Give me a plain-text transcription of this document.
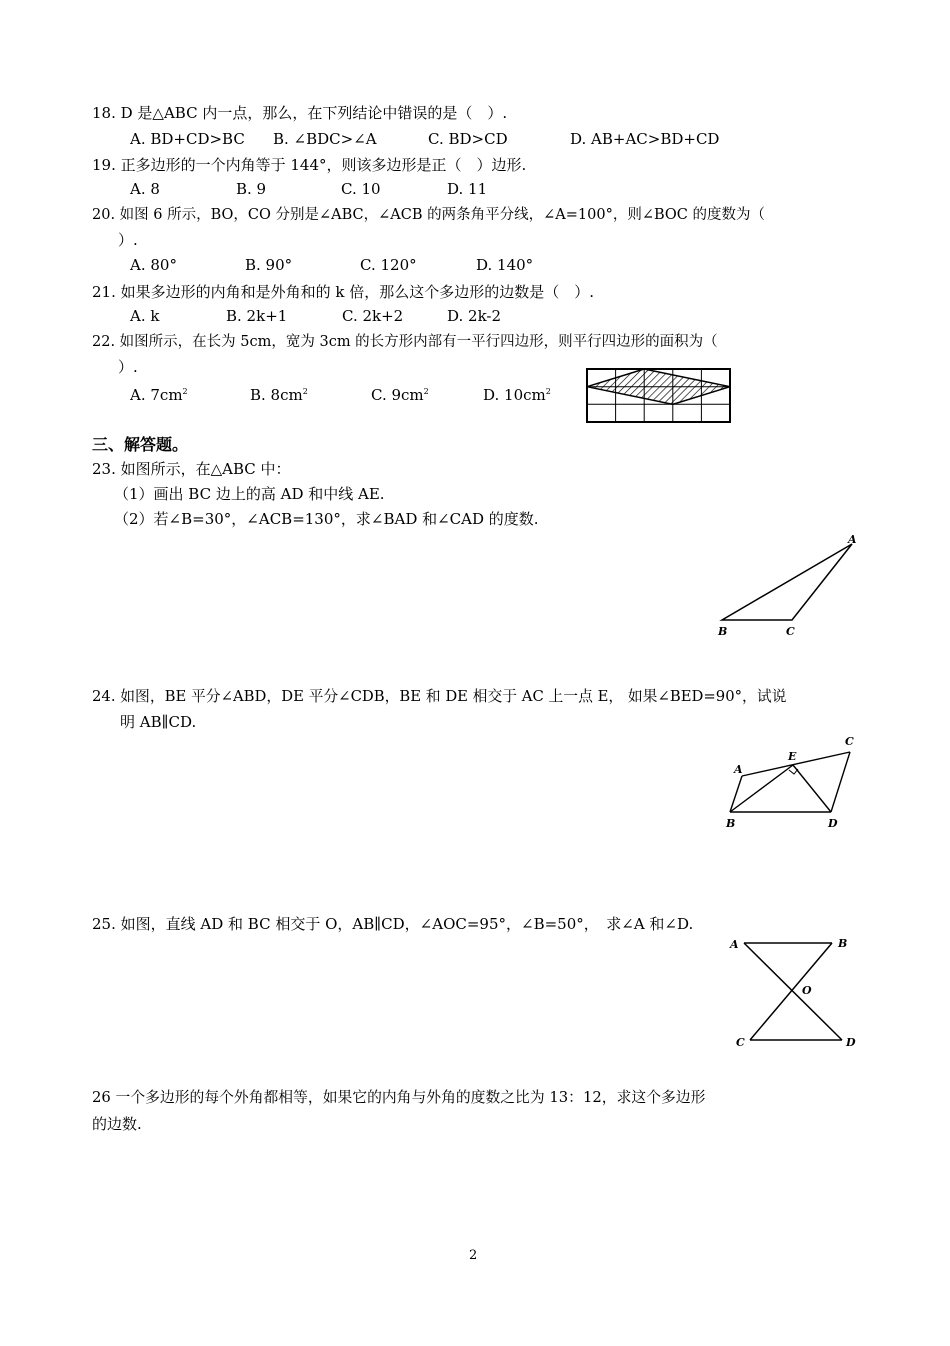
18. D 是△ABC 内一点，那么，在下列结论中错误的是（　）.
A. BD+CD>BC B. ∠BDC>∠A	C. BD>CD	D. AB+AC>BD+CD
19. 正多边形的一个内角等于 144°，则该多边形是正（　）边形.
A. 8	B. 9	C. 10	D. 11
20. 如图 6 所示，BO，CO 分别是∠ABC，∠ACB 的两条角平分线，∠A=100°，则∠BOC 的度数为（
）.
A. 80°	B. 90°	C. 120°	D. 140°
21. 如果多边形的内角和是外角和的 k 倍，那么这个多边形的边数是（　）.
A. k	B. 2k+1	C. 2k+2	D. 2k-2
22. 如图所示，在长为 5cm，宽为 3cm 的长方形内部有一平行四边形，则平行四边形的面积为（
）.
A. $7cm^2$	B. $8cm^2$	C. $9cm^2$	D. $10cm^2$
三、解答题。
23. 如图所示，在△ABC 中：
（1）画出 BC 边上的高 AD 和中线 AE.
（2）若∠B=30°，∠ACB=130°，求∠BAD 和∠CAD 的度数.
A
B	C
24. 如图，BE 平分∠ABD，DE 平分∠CDB，BE 和 DE 相交于 AC 上一点 E， 如果∠BED=90°，试说
明 AB∥CD.
A
E
C
B	D
25. 如图，直线 AD 和 BC 相交于 O，AB∥CD，∠AOC=95°，∠B=50°，　求∠A 和∠D.
A	B
O
C	D
26 一个多边形的每个外角都相等，如果它的内角与外角的度数之比为 13：12，求这个多边形
的边数.
2
